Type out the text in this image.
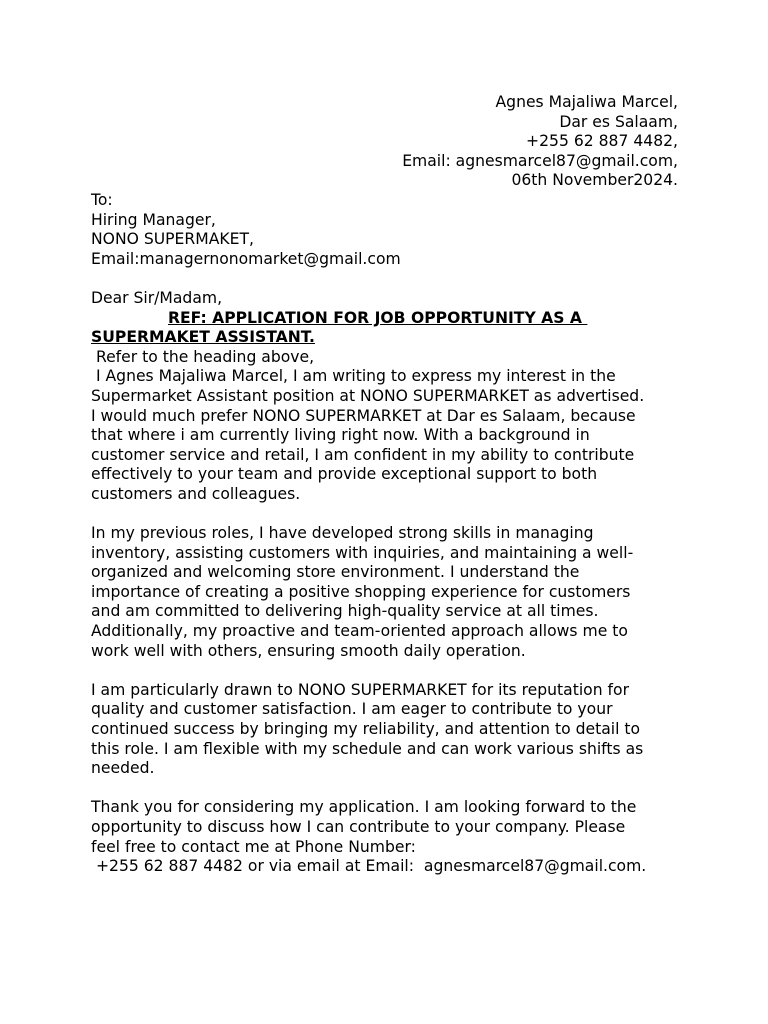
Agnes Majaliwa Marcel,
Dar es Salaam,
+255 62 887 4482,
Email: agnesmarcel87@gmail.com,
06th November2024.
To:
Hiring Manager,
NONO SUPERMAKET,
Email:managernonomarket@gmail.com
Dear Sir/Madam,
REF: APPLICATION FOR JOB OPPORTUNITY AS A
SUPERMAKET ASSISTANT.
Refer to the heading above,
I Agnes Majaliwa Marcel, I am writing to express my interest in the
Supermarket Assistant position at NONO SUPERMARKET as advertised.
I would much prefer NONO SUPERMARKET at Dar es Salaam, because
that where i am currently living right now. With a background in
customer service and retail, I am confident in my ability to contribute
effectively to your team and provide exceptional support to both
customers and colleagues.
In my previous roles, I have developed strong skills in managing
inventory, assisting customers with inquiries, and maintaining a well-
organized and welcoming store environment. I understand the
importance of creating a positive shopping experience for customers
and am committed to delivering high-quality service at all times.
Additionally, my proactive and team-oriented approach allows me to
work well with others, ensuring smooth daily operation.
I am particularly drawn to NONO SUPERMARKET for its reputation for
quality and customer satisfaction. I am eager to contribute to your
continued success by bringing my reliability, and attention to detail to
this role. I am flexible with my schedule and can work various shifts as
needed.
Thank you for considering my application. I am looking forward to the
opportunity to discuss how I can contribute to your company. Please
feel free to contact me at Phone Number:
+255 62 887 4482 or via email at Email:  agnesmarcel87@gmail.com.
